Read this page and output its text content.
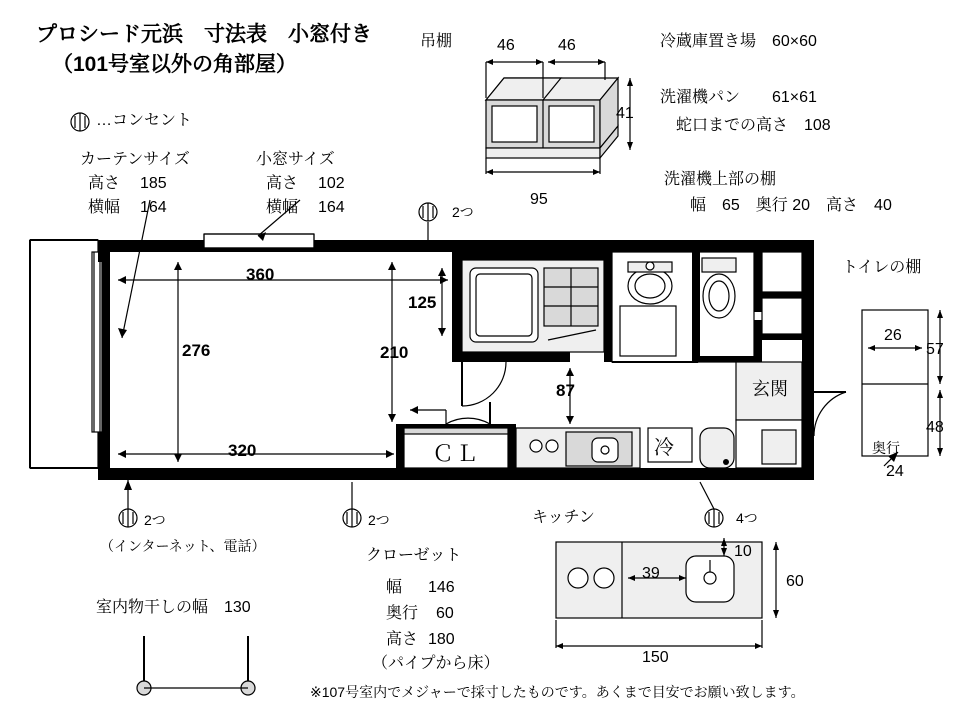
プロシード元浜　寸法表　小窓付き
（101号室以外の角部屋）
…コンセント
カーテンサイズ
高さ 185
横幅 164
小窓サイズ
高さ 102
横幅 164
吊棚	46	46
41
95
冷蔵庫置き場　60×60
洗濯機パン　　61×61
蛇口までの高さ　108
洗濯機上部の棚
幅　65　奥行 20　高さ　40
トイレの棚
26
57
48
奥行
24
360
276
320
210
125
87
ＣＬ	冷
玄関
2つ
2つ
（インターネット、電話）
2つ	4つ
キッチン
10
39	60
150
クローゼット
幅 146
奥行 60
高さ 180
（パイプから床）
室内物干しの幅　130
※107号室内でメジャーで採寸したものです。あくまで目安でお願い致します。
